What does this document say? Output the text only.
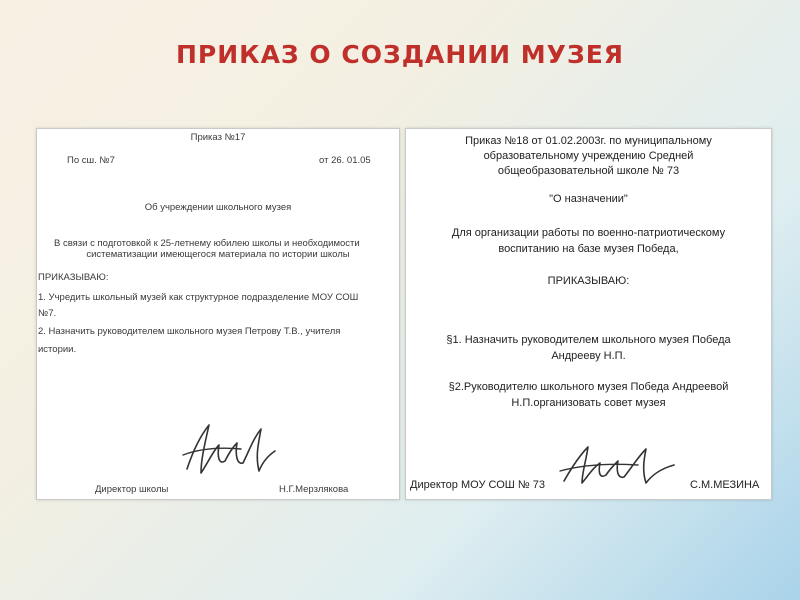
ПРИКАЗ О СОЗДАНИИ МУЗЕЯ
Приказ №17
По сш. №7	от 26. 01.05
Об учреждении школьного музея
В связи с подготовкой к 25-летнему юбилею школы и необходимости
систематизации имеющегося материала по истории школы
ПРИКАЗЫВАЮ:
1. Учредить школьный музей как структурное подразделение МОУ СОШ
№7.
2. Назначить руководителем школьного музея Петрову Т.В., учителя
истории.
Директор школы	Н.Г.Мерзлякова
Приказ №18 от 01.02.2003г. по муниципальному
образовательному учреждению Средней
общеобразовательной школе № 73
"О назначении"
Для организации работы по военно-патриотическому
воспитанию на базе музея Победа,
ПРИКАЗЫВАЮ:
§1. Назначить руководителем школьного музея Победа
Андрееву Н.П.
§2.Руководителю школьного музея Победа Андреевой
Н.П.организовать совет музея
Директор МОУ СОШ № 73	С.М.МЕЗИНА
